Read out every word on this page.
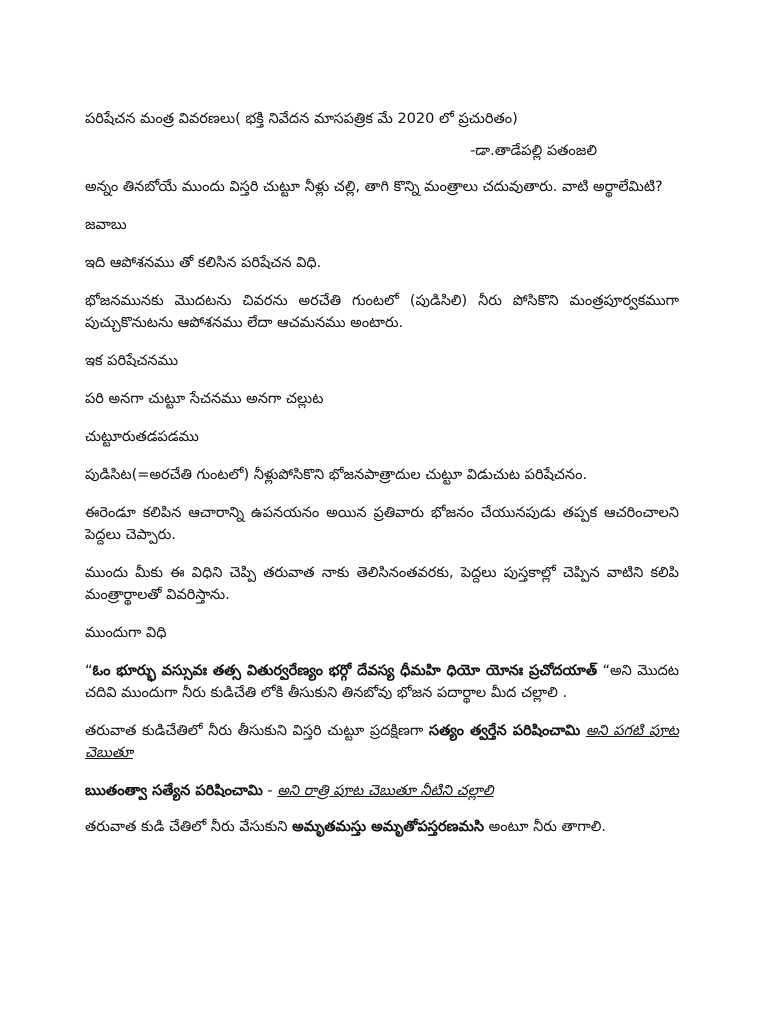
పరిషేచన మంత్ర వివరణలు( భక్తి నివేదన మాసపత్రిక మే 2020 లో ప్రచురితం)

-డా.తాడేపల్లి పతంజలి

అన్నం తినబోయే ముందు విస్తరి చుట్టూ నీళ్లు చల్లి, తాగి కొన్ని మంత్రాలు చదువుతారు. వాటి అర్థాలేమిటి?

జవాబు

ఇది ఆపోశనము తో కలిసిన పరిషేచన విధి.

భోజనమునకు మొదటను చివరను అరచేతి గుంటలో (పుడిసిలి) నీరు పోసికొని మంత్రపూర్వకముగా పుచ్చుకొనుటను ఆపోశనము లేదా ఆచమనము అంటారు.

ఇక పరిషేచనము

పరి అనగా చుట్టూ సేచనము అనగా చల్లుట

చుట్టూరుతడపడము

పుడిసిట(=అరచేతి గుంటలో) నీళ్లుపోసికొని భోజనపాత్రాదుల చుట్టూ విడుచుట పరిషేచనం.

ఈరెండూ కలిపిన ఆచారాన్ని ఉపనయనం అయిన ప్రతివారు భోజనం చేయునపుడు తప్పక ఆచరించాలని పెద్దలు చెప్పారు.

ముందు మీకు ఈ విధిని చెప్పి తరువాత నాకు తెలిసినంతవరకు, పెద్దలు పుస్తకాల్లో చెప్పిన వాటిని కలిపి మంత్రార్థాలతో వివరిస్తాను.

ముందుగా విధి

“ఓం భూర్భు వస్సువః తత్స వితుర్వరేణ్యం భర్గో దేవస్య ధీమహి ధియో యోనః ప్రచోదయాత్ “అని మొదట చదివి ముందుగా నీరు కుడిచేతి లోకి తీసుకుని తినబోవు భోజన పదార్థాల మీద చల్లాలి .

తరువాత కుడిచేతిలో నీరు తీసుకుని విస్తరి చుట్టూ ప్రదక్షిణగా సత్యం త్వర్తేన పరిషించామి అని పగటి పూట చెబుతూ

ఋతంత్వా సత్యేన పరిషించామి - అని రాత్రి పూట చెబుతూ నీటిని చల్లాలి

తరువాత కుడి చేతిలో నీరు వేసుకుని అమృతమస్తు అమృతోపస్తరణమసి అంటూ నీరు తాగాలి.
